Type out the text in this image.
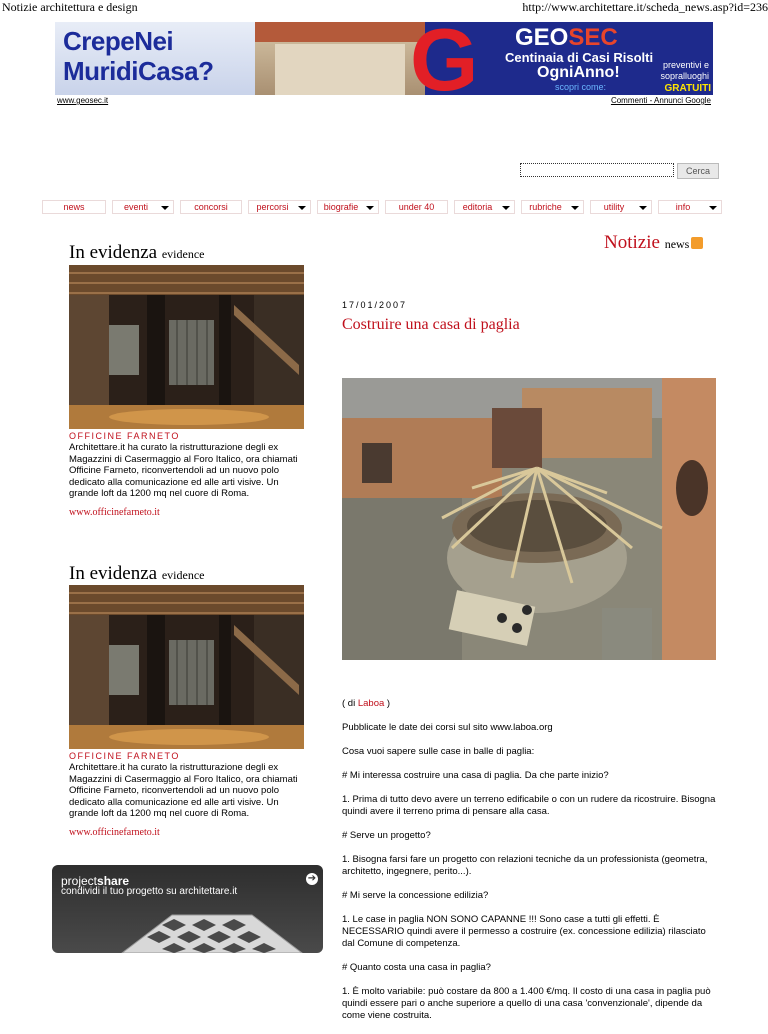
Notizie architettura e design	http://www.architettare.it/scheda_news.asp?id=236
CrepeNei
MuridiCasa? G GEOSEC
Centinaia di Casi Risolti
OgniAnno!
scopri come:
preventivi e sopralluoghi
GRATUITI
www.geosec.it	Commenti - Annunci Google
Cerca
news	eventi	concorsi	percorsi	biografie	under 40	editoria	rubriche	utility	info
In evidenza evidence
OFFICINE FARNETO
Architettare.it ha curato la ristrutturazione degli ex Magazzini di Casermaggio al Foro Italico, ora chiamati Officine Farneto, riconvertendoli ad un nuovo polo dedicato alla comunicazione ed alle arti visive. Un grande loft da 1200 mq nel cuore di Roma.
www.officinefarneto.it
In evidenza evidence
OFFICINE FARNETO
Architettare.it ha curato la ristrutturazione degli ex Magazzini di Casermaggio al Foro Italico, ora chiamati Officine Farneto, riconvertendoli ad un nuovo polo dedicato alla comunicazione ed alle arti visive. Un grande loft da 1200 mq nel cuore di Roma.
www.officinefarneto.it
projectshare
condividi il tuo progetto su architettare.it
➔
Notizie news
17/01/2007
Costruire una casa di paglia

( di Laboa )

Pubblicate le date dei corsi sul sito www.laboa.org

Cosa vuoi sapere sulle case in balle di paglia:

# Mi interessa costruire una casa di paglia. Da che parte inizio?

1. Prima di tutto devo avere un terreno edificabile o con un rudere da ricostruire. Bisogna quindi avere il terreno prima di pensare alla casa.

# Serve un progetto?

1. Bisogna farsi fare un progetto con relazioni tecniche da un professionista (geometra, architetto, ingegnere, perito...).

# Mi serve la concessione edilizia?

1. Le case in paglia NON SONO CAPANNE !!! Sono case a tutti gli effetti. È NECESSARIO quindi avere il permesso a costruire (ex. concessione edilizia) rilasciato dal Comune di competenza.

# Quanto costa una casa in paglia?

1. È molto variabile: può costare da 800 a 1.400 €/mq. Il costo di una casa in paglia può quindi essere pari o anche superiore a quello di una casa 'convenzionale', dipende da come viene costruita.
